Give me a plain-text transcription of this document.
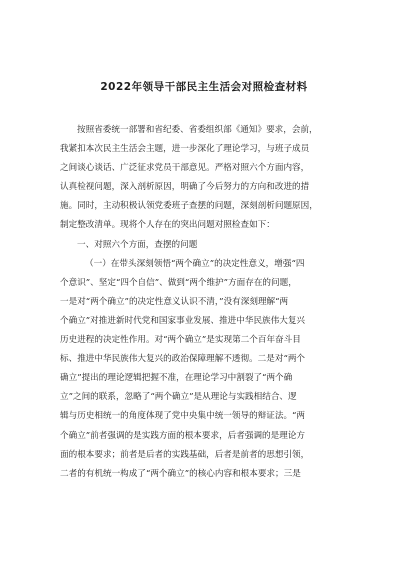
2022年领导干部民主生活会对照检查材料
按照省委统一部署和省纪委、省委组织部《通知》要求，会前，
我紧扣本次民主生活会主题，进一步深化了理论学习，与班子成员
之间谈心谈话、广泛征求党员干部意见。严格对照六个方面内容，
认真检视问题，深入剖析原因，明确了今后努力的方向和改进的措
施。同时，主动积极认领党委班子查摆的问题，深刻剖析问题原因，
制定整改清单。现将个人存在的突出问题对照检查如下：
一、对照六个方面，查摆的问题
（一）在带头深刻领悟“两个确立”的决定性意义，增强“四
个意识”、坚定“四个自信”、做到“两个维护”方面存在的问题，
一是对“两个确立”的决定性意义认识不清，”没有深刻理解“两
个确立”对推进新时代党和国家事业发展、推进中华民族伟大复兴
历史进程的决定性作用。对“两个确立”是实现第二个百年奋斗目
标、推进中华民族伟大复兴的政治保障理解不透彻。二是对“两个
确立”提出的理论逻辑把握不准，在理论学习中割裂了“两个确
立”之间的联系，忽略了“两个确立”是从理论与实践相结合、逻
辑与历史相统一的角度体现了党中央集中统一领导的辩证法。“两
个确立”前者强调的是实践方面的根本要求，后者强调的是理论方
面的根本要求；前者是后者的实践基础，后者是前者的思想引领，
二者的有机统一构成了“两个确立”的核心内容和根本要求；三是
